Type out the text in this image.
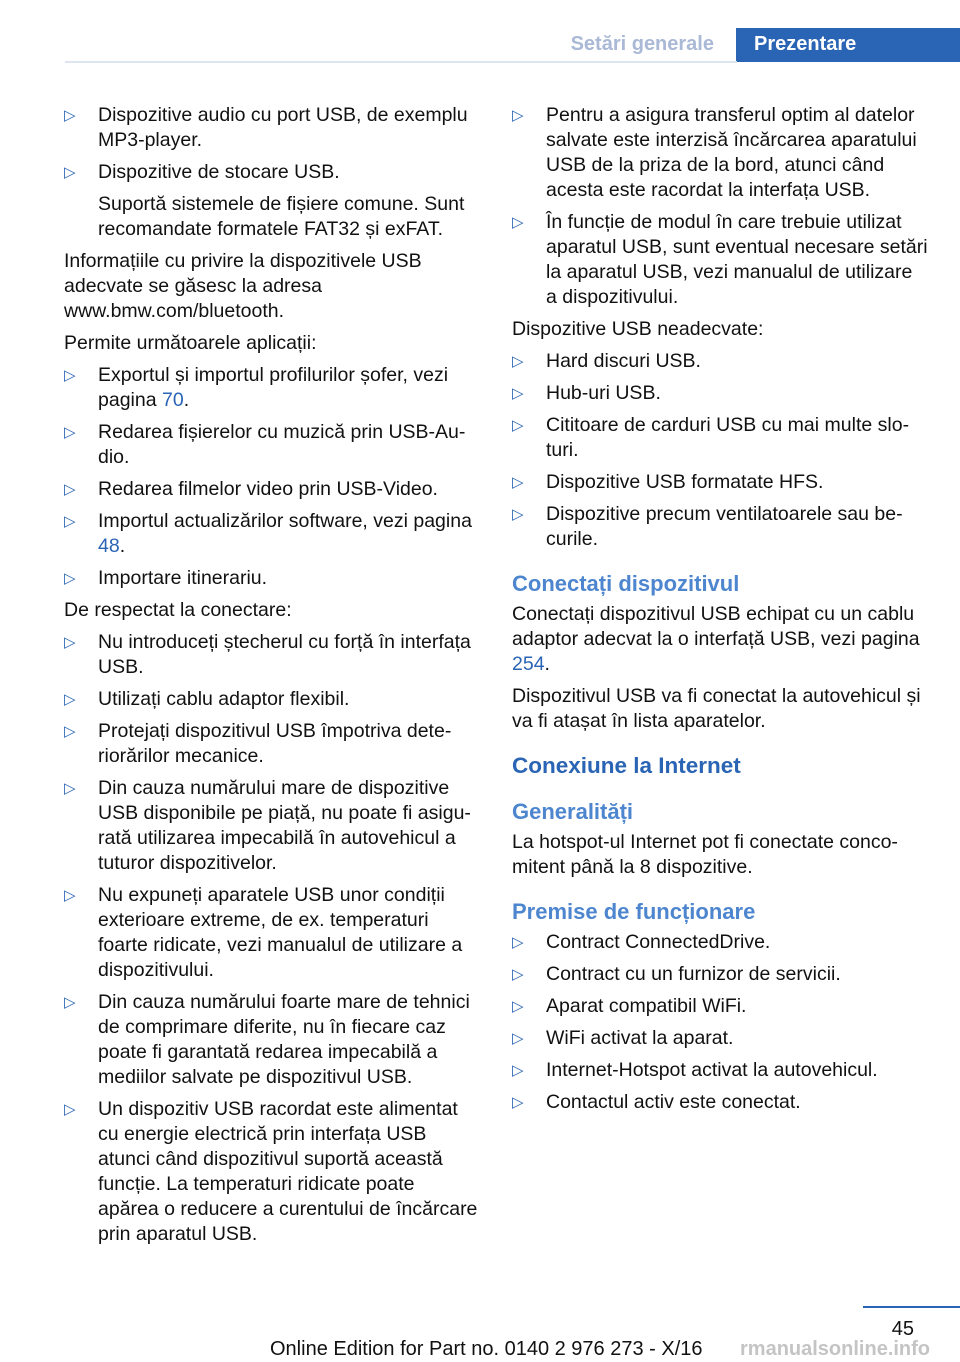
Setări generale	Prezentare
▷ Dispozitive audio cu port USB, de exemplu MP3-player.
▷ Dispozitive de stocare USB.
Suportă sistemele de fișiere comune. Sunt recomandate formatele FAT32 și exFAT.
Informațiile cu privire la dispozitivele USB adecvate se găsesc la adresa www.bmw.com/bluetooth.
Permite următoarele aplicații:
▷ Exportul și importul profilurilor șofer, vezi pagina 70.
▷ Redarea fișierelor cu muzică prin USB-Audio.
▷ Redarea filmelor video prin USB-Video.
▷ Importul actualizărilor software, vezi pagina 48.
▷ Importare itinerariu.
De respectat la conectare:
▷ Nu introduceți ștecherul cu forță în interfața USB.
▷ Utilizați cablu adaptor flexibil.
▷ Protejați dispozitivul USB împotriva deteriorărilor mecanice.
▷ Din cauza numărului mare de dispozitive USB disponibile pe piață, nu poate fi asigurată utilizarea impecabilă în autovehicul a tuturor dispozitivelor.
▷ Nu expuneți aparatele USB unor condiții exterioare extreme, de ex. temperaturi foarte ridicate, vezi manualul de utilizare a dispozitivului.
▷ Din cauza numărului foarte mare de tehnici de comprimare diferite, nu în fiecare caz poate fi garantată redarea impecabilă a mediilor salvate pe dispozitivul USB.
▷ Un dispozitiv USB racordat este alimentat cu energie electrică prin interfața USB atunci când dispozitivul suportă această funcție. La temperaturi ridicate poate apărea o reducere a curentului de încărcare prin aparatul USB.
▷ Pentru a asigura transferul optim al datelor salvate este interzisă încărcarea aparatului USB de la priza de la bord, atunci când acesta este racordat la interfața USB.
▷ În funcție de modul în care trebuie utilizat aparatul USB, sunt eventual necesare setări la aparatul USB, vezi manualul de utilizare a dispozitivului.
Dispozitive USB neadecvate:
▷ Hard discuri USB.
▷ Hub-uri USB.
▷ Cititoare de carduri USB cu mai multe sloturi.
▷ Dispozitive USB formatate HFS.
▷ Dispozitive precum ventilatoarele sau becurile.
Conectați dispozitivul
Conectați dispozitivul USB echipat cu un cablu adaptor adecvat la o interfață USB, vezi pagina 254.
Dispozitivul USB va fi conectat la autovehicul și va fi atașat în lista aparatelor.
Conexiune la Internet
Generalități
La hotspot-ul Internet pot fi conectate concomitent până la 8 dispozitive.
Premise de funcționare
▷ Contract ConnectedDrive.
▷ Contract cu un furnizor de servicii.
▷ Aparat compatibil WiFi.
▷ WiFi activat la aparat.
▷ Internet-Hotspot activat la autovehicul.
▷ Contactul activ este conectat.
45
Online Edition for Part no. 0140 2 976 273 - X/16 rmanualsonline.info
